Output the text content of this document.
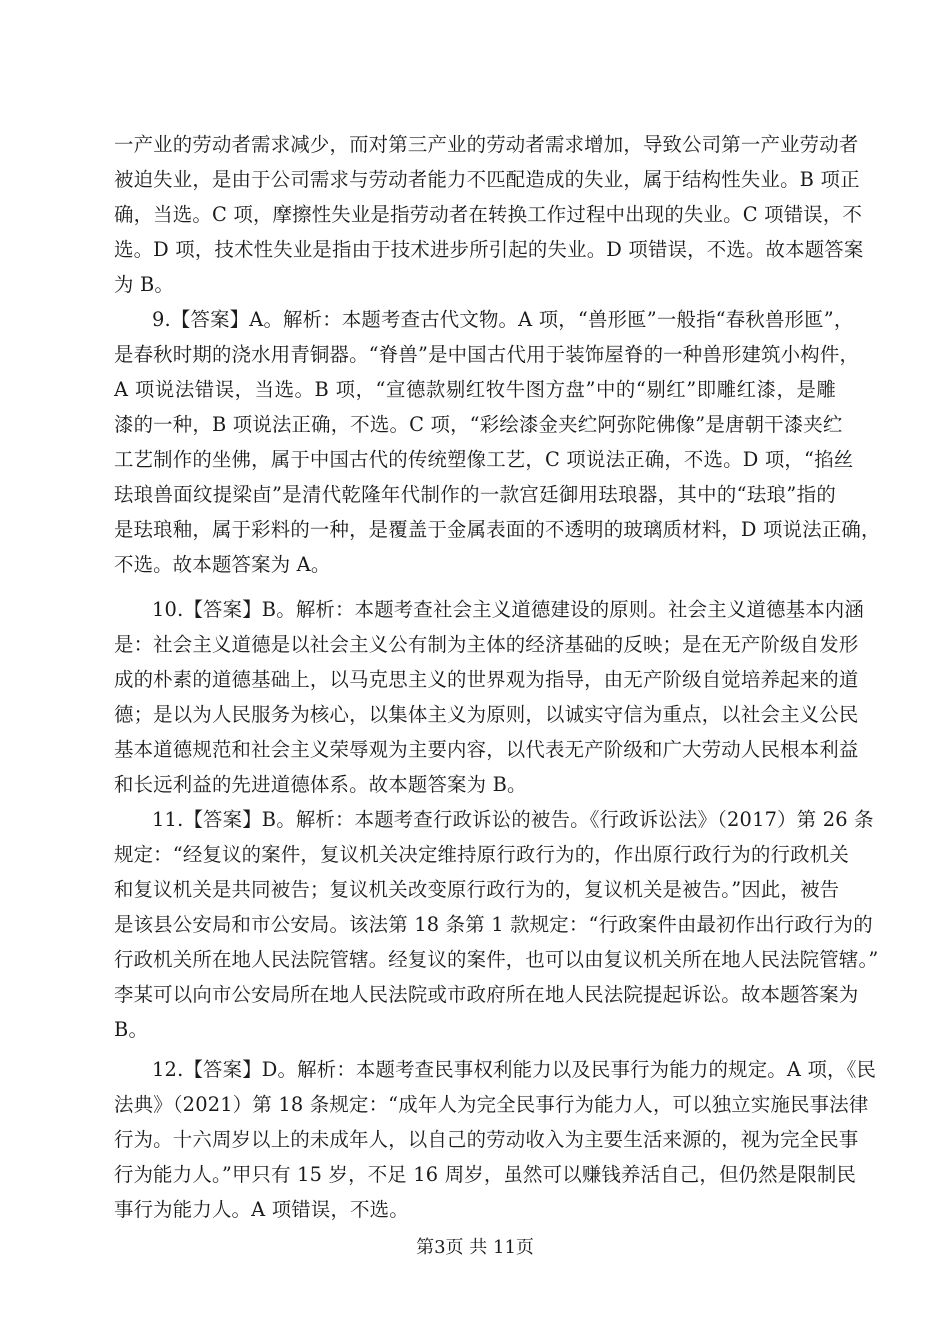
一产业的劳动者需求减少，而对第三产业的劳动者需求增加，导致公司第一产业劳动者
被迫失业，是由于公司需求与劳动者能力不匹配造成的失业，属于结构性失业。B 项正
确，当选。C 项，摩擦性失业是指劳动者在转换工作过程中出现的失业。C 项错误，不
选。D 项，技术性失业是指由于技术进步所引起的失业。D 项错误，不选。故本题答案
为 B。
9.【答案】A。解析：本题考查古代文物。A 项，“兽形匜”一般指“春秋兽形匜”，
是春秋时期的浇水用青铜器。“脊兽”是中国古代用于装饰屋脊的一种兽形建筑小构件，
A 项说法错误，当选。B 项，“宣德款剔红牧牛图方盘”中的“剔红”即雕红漆，是雕
漆的一种，B 项说法正确，不选。C 项，“彩绘漆金夹纻阿弥陀佛像”是唐朝干漆夹纻
工艺制作的坐佛，属于中国古代的传统塑像工艺，C 项说法正确，不选。D 项，“掐丝
珐琅兽面纹提梁卣”是清代乾隆年代制作的一款宫廷御用珐琅器，其中的“珐琅”指的
是珐琅釉，属于彩料的一种，是覆盖于金属表面的不透明的玻璃质材料，D 项说法正确，
不选。故本题答案为 A。
10.【答案】B。解析：本题考查社会主义道德建设的原则。社会主义道德基本内涵
是：社会主义道德是以社会主义公有制为主体的经济基础的反映；是在无产阶级自发形
成的朴素的道德基础上，以马克思主义的世界观为指导，由无产阶级自觉培养起来的道
德；是以为人民服务为核心，以集体主义为原则，以诚实守信为重点，以社会主义公民
基本道德规范和社会主义荣辱观为主要内容，以代表无产阶级和广大劳动人民根本利益
和长远利益的先进道德体系。故本题答案为 B。
11.【答案】B。解析：本题考查行政诉讼的被告。《行政诉讼法》（2017）第 26 条
规定：“经复议的案件，复议机关决定维持原行政行为的，作出原行政行为的行政机关
和复议机关是共同被告；复议机关改变原行政行为的，复议机关是被告。”因此，被告
是该县公安局和市公安局。该法第 18 条第 1 款规定：“行政案件由最初作出行政行为的
行政机关所在地人民法院管辖。经复议的案件，也可以由复议机关所在地人民法院管辖。”
李某可以向市公安局所在地人民法院或市政府所在地人民法院提起诉讼。故本题答案为
B。
12.【答案】D。解析：本题考查民事权利能力以及民事行为能力的规定。A 项，《民
法典》（2021）第 18 条规定：“成年人为完全民事行为能力人，可以独立实施民事法律
行为。十六周岁以上的未成年人，以自己的劳动收入为主要生活来源的，视为完全民事
行为能力人。”甲只有 15 岁，不足 16 周岁，虽然可以赚钱养活自己，但仍然是限制民
事行为能力人。A 项错误，不选。
第3页 共 11页
